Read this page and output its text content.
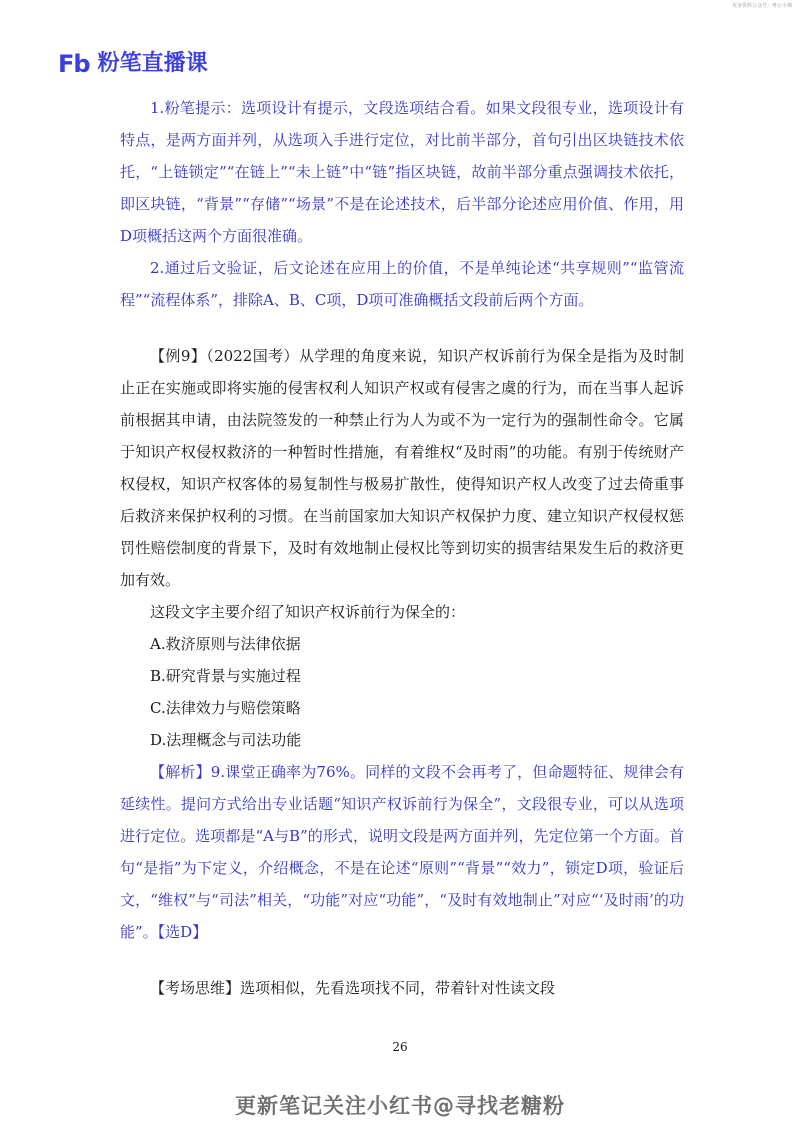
更多资料公众号：粤公小梯
Fb 粉笔直播课

1.粉笔提示：选项设计有提示，文段选项结合看。如果文段很专业，选项设计有特点，是两方面并列，从选项入手进行定位，对比前半部分，首句引出区块链技术依托，“上链锁定”“在链上”“未上链”中“链”指区块链，故前半部分重点强调技术依托，即区块链，“背景”“存储”“场景”不是在论述技术，后半部分论述应用价值、作用，用D项概括这两个方面很准确。

2.通过后文验证，后文论述在应用上的价值，不是单纯论述“共享规则”“监管流程”“流程体系”，排除A、B、C项，D项可准确概括文段前后两个方面。

【例9】（2022国考）从学理的角度来说，知识产权诉前行为保全是指为及时制止正在实施或即将实施的侵害权利人知识产权或有侵害之虞的行为，而在当事人起诉前根据其申请，由法院签发的一种禁止行为人为或不为一定行为的强制性命令。它属于知识产权侵权救济的一种暂时性措施，有着维权“及时雨”的功能。有别于传统财产权侵权，知识产权客体的易复制性与极易扩散性，使得知识产权人改变了过去倚重事后救济来保护权利的习惯。在当前国家加大知识产权保护力度、建立知识产权侵权惩罚性赔偿制度的背景下，及时有效地制止侵权比等到切实的损害结果发生后的救济更加有效。

这段文字主要介绍了知识产权诉前行为保全的：

A.救济原则与法律依据

B.研究背景与实施过程

C.法律效力与赔偿策略

D.法理概念与司法功能

【解析】9.课堂正确率为76%。同样的文段不会再考了，但命题特征、规律会有延续性。提问方式给出专业话题“知识产权诉前行为保全”，文段很专业，可以从选项进行定位。选项都是“A与B”的形式，说明文段是两方面并列，先定位第一个方面。首句“是指”为下定义，介绍概念，不是在论述“原则”“背景”“效力”，锁定D项，验证后文，“维权”与“司法”相关，“功能”对应“功能”，“及时有效地制止”对应“‘及时雨’的功能”。【选D】

【考场思维】选项相似，先看选项找不同，带着针对性读文段

26
更新笔记关注小红书@寻找老糖粉
